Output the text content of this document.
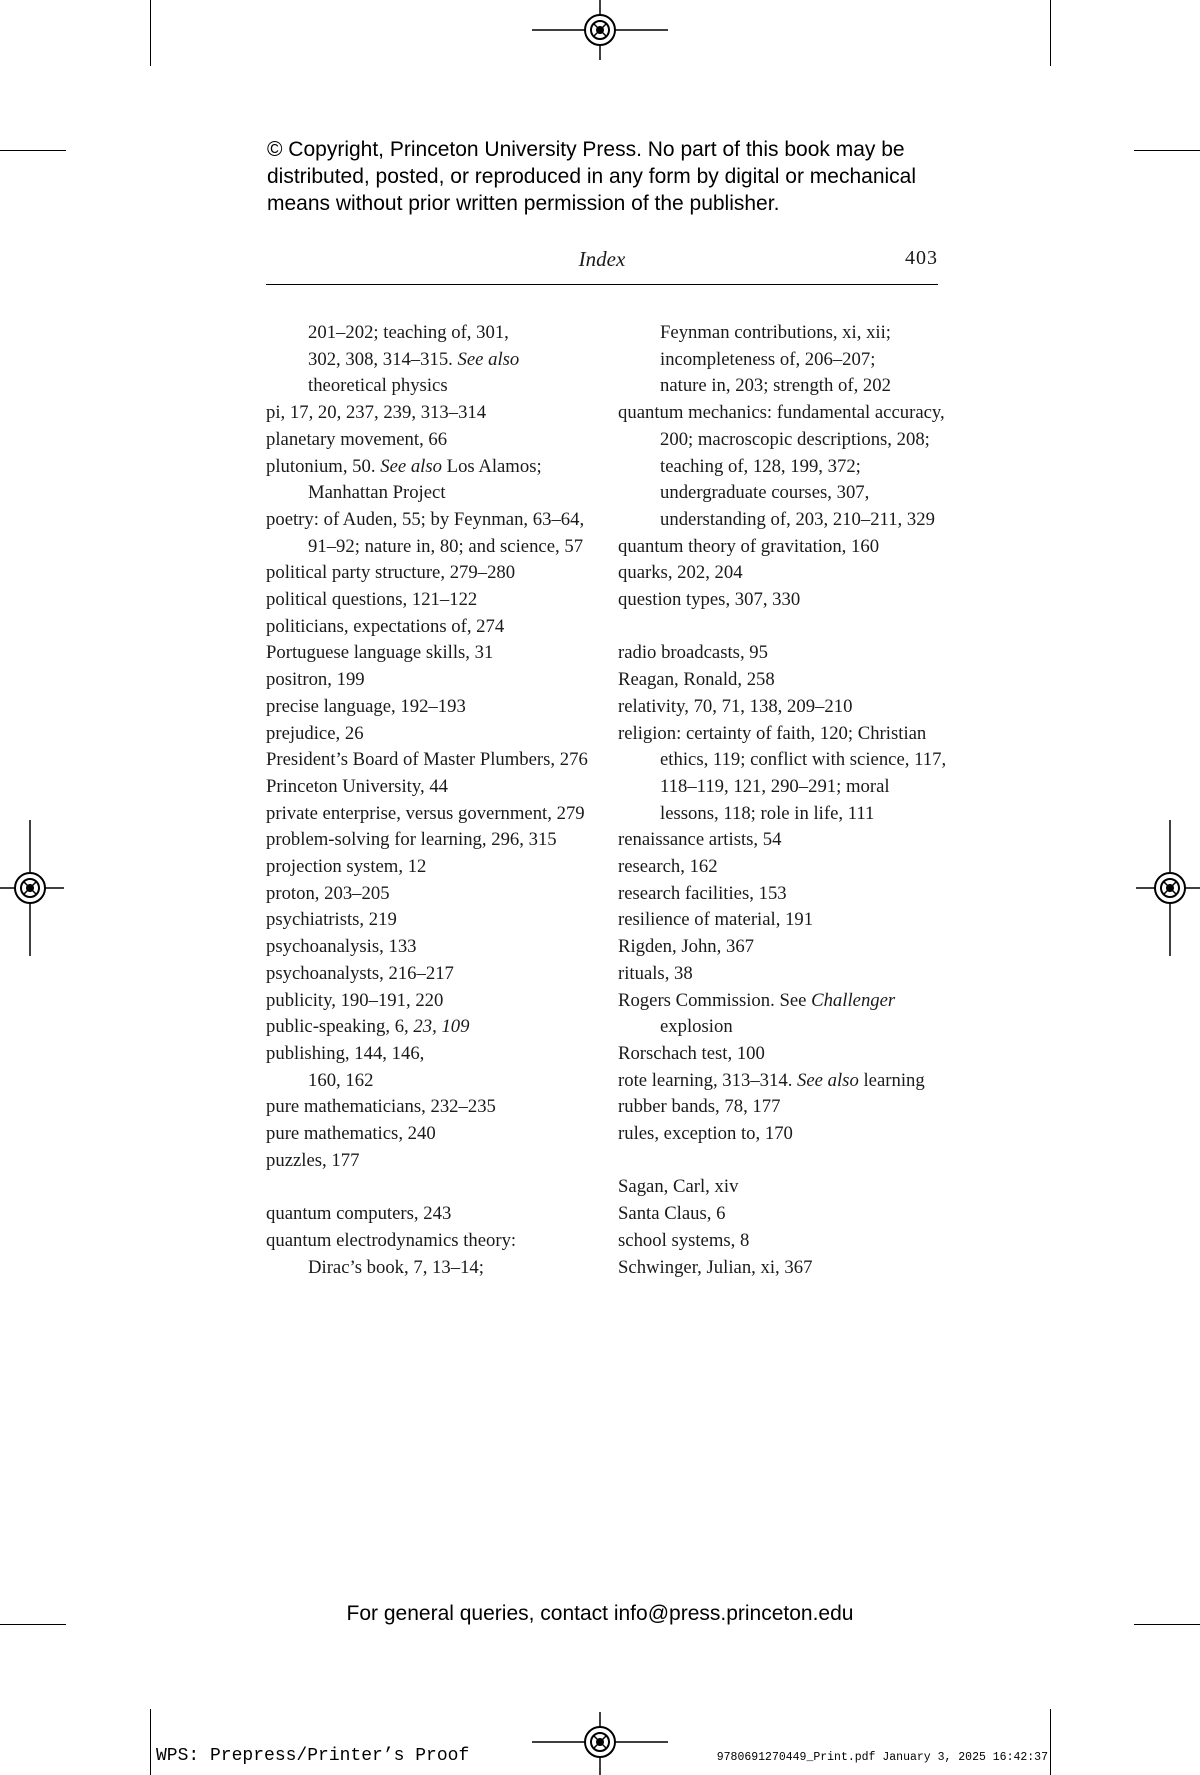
© Copyright, Princeton University Press. No part of this book may be
distributed, posted, or reproduced in any form by digital or mechanical
means without prior written permission of the publisher.
Index	403
201–202; teaching of, 301,
302, 308, 314–315. See also
theoretical physics
pi, 17, 20, 237, 239, 313–314
planetary movement, 66
plutonium, 50. See also Los Alamos; Manhattan Project
poetry: of Auden, 55; by Feynman, 63–64, 91–92; nature in, 80; and science, 57
political party structure, 279–280
political questions, 121–122
politicians, expectations of, 274
Portuguese language skills, 31
positron, 199
precise language, 192–193
prejudice, 26
President’s Board of Master Plumbers, 276
Princeton University, 44
private enterprise, versus government, 279
problem-solving for learning, 296, 315
projection system, 12
proton, 203–205
psychiatrists, 219
psychoanalysis, 133
psychoanalysts, 216–217
publicity, 190–191, 220
public-speaking, 6, 23, 109
publishing, 144, 146,
160, 162
pure mathematicians, 232–235
pure mathematics, 240
puzzles, 177
quantum computers, 243
quantum electrodynamics theory:
Dirac’s book, 7, 13–14;
Feynman contributions, xi, xii;
incompleteness of, 206–207;
nature in, 203; strength of, 202
quantum mechanics: fundamental accuracy, 200; macroscopic descriptions, 208; teaching of, 128, 199, 372; undergraduate courses, 307, understanding of, 203, 210–211, 329
quantum theory of gravitation, 160
quarks, 202, 204
question types, 307, 330
radio broadcasts, 95
Reagan, Ronald, 258
relativity, 70, 71, 138, 209–210
religion: certainty of faith, 120; Christian ethics, 119; conflict with science, 117, 118–119, 121, 290–291; moral lessons, 118; role in life, 111
renaissance artists, 54
research, 162
research facilities, 153
resilience of material, 191
Rigden, John, 367
rituals, 38
Rogers Commission. See Challenger explosion
Rorschach test, 100
rote learning, 313–314. See also learning
rubber bands, 78, 177
rules, exception to, 170
Sagan, Carl, xiv
Santa Claus, 6
school systems, 8
Schwinger, Julian, xi, 367
For general queries, contact info@press.princeton.edu
WPS: Prepress/Printer’s Proof	9780691270449_Print.pdf January 3, 2025 16:42:37
